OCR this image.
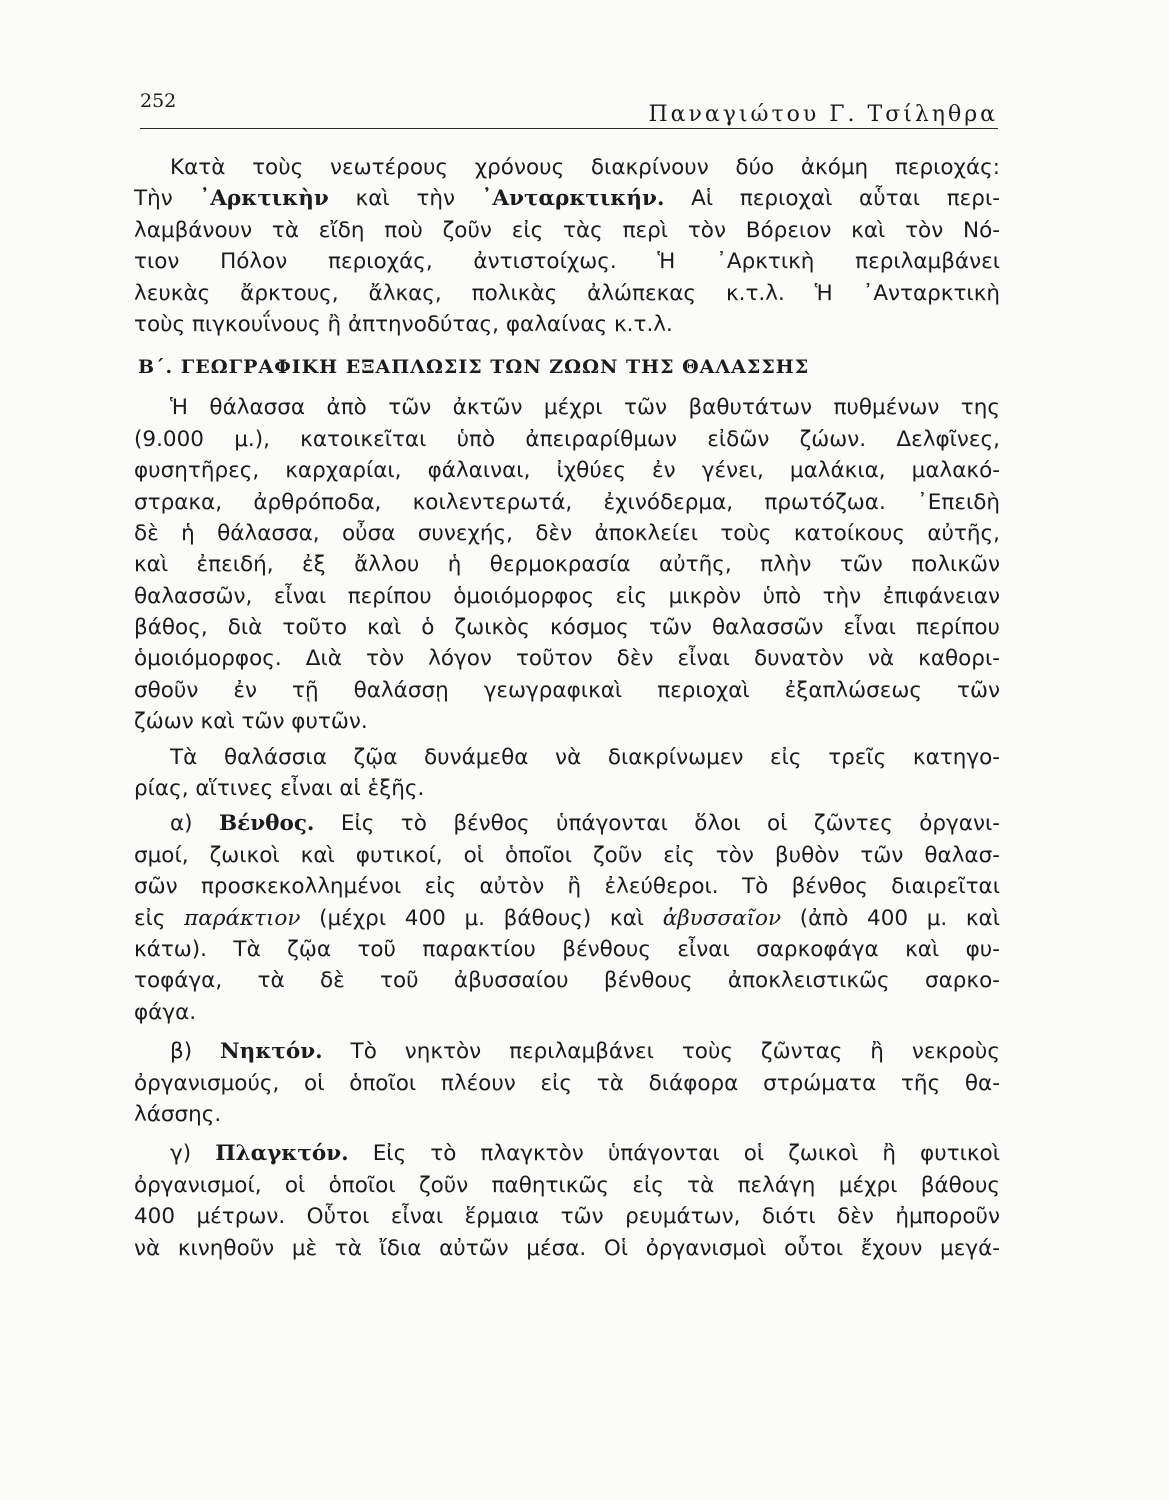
252
Παναγιώτου Γ. Τσίληθρα
Κατὰ τοὺς νεωτέρους χρόνους διακρίνουν δύο ἀκόμη περιοχάς:
Τὴν ᾿Αρκτικὴν καὶ τὴν ᾿Ανταρκτικήν. Αἱ περιοχαὶ αὗται περι-
λαμβάνουν τὰ εἴδη ποὺ ζοῦν εἰς τὰς περὶ τὸν Βόρειον καὶ τὸν Νό-
τιον Πόλον περιοχάς, ἀντιστοίχως. Ἡ ᾿Αρκτικὴ περιλαμβάνει
λευκὰς ἄρκτους, ἄλκας, πολικὰς ἀλώπεκας κ.τ.λ. Ἡ ᾿Ανταρκτικὴ
τοὺς πιγκουΐνους ἢ ἀπτηνοδύτας, φαλαίνας κ.τ.λ.
Β΄. ΓΕΩΓΡΑΦΙΚΗ ΕΞΑΠΛΩΣΙΣ ΤΩΝ ΖΩΩΝ ΤΗΣ ΘΑΛΑΣΣΗΣ
Ἡ θάλασσα ἀπὸ τῶν ἀκτῶν μέχρι τῶν βαθυτάτων πυθμένων της
(9.000 μ.), κατοικεῖται ὑπὸ ἀπειραρίθμων εἰδῶν ζώων. Δελφῖνες,
φυσητῆρες, καρχαρίαι, φάλαιναι, ἰχθύες ἐν γένει, μαλάκια, μαλακό-
στρακα, ἀρθρόποδα, κοιλεντερωτά, ἐχινόδερμα, πρωτόζωα. ᾿Επειδὴ
δὲ ἡ θάλασσα, οὖσα συνεχής, δὲν ἀποκλείει τοὺς κατοίκους αὐτῆς,
καὶ ἐπειδή, ἐξ ἄλλου ἡ θερμοκρασία αὐτῆς, πλὴν τῶν πολικῶν
θαλασσῶν, εἶναι περίπου ὁμοιόμορφος εἰς μικρὸν ὑπὸ τὴν ἐπιφάνειαν
βάθος, διὰ τοῦτο καὶ ὁ ζωικὸς κόσμος τῶν θαλασσῶν εἶναι περίπου
ὁμοιόμορφος. Διὰ τὸν λόγον τοῦτον δὲν εἶναι δυνατὸν νὰ καθορι-
σθοῦν ἐν τῇ θαλάσσῃ γεωγραφικαὶ περιοχαὶ ἐξαπλώσεως τῶν
ζώων καὶ τῶν φυτῶν.
Τὰ θαλάσσια ζῷα δυνάμεθα νὰ διακρίνωμεν εἰς τρεῖς κατηγο-
ρίας, αἵτινες εἶναι αἱ ἑξῆς.
α) Βένθος. Εἰς τὸ βένθος ὑπάγονται ὅλοι οἱ ζῶντες ὀργανι-
σμοί, ζωικοὶ καὶ φυτικοί, οἱ ὁποῖοι ζοῦν εἰς τὸν βυθὸν τῶν θαλασ-
σῶν προσκεκολλημένοι εἰς αὐτὸν ἢ ἐλεύθεροι. Τὸ βένθος διαιρεῖται
εἰς παράκτιον (μέχρι 400 μ. βάθους) καὶ ἀβυσσαῖον (ἀπὸ 400 μ. καὶ
κάτω). Τὰ ζῷα τοῦ παρακτίου βένθους εἶναι σαρκοφάγα καὶ φυ-
τοφάγα, τὰ δὲ τοῦ ἀβυσσαίου βένθους ἀποκλειστικῶς σαρκο-
φάγα.
β) Νηκτόν. Τὸ νηκτὸν περιλαμβάνει τοὺς ζῶντας ἢ νεκροὺς
ὀργανισμούς, οἱ ὁποῖοι πλέουν εἰς τὰ διάφορα στρώματα τῆς θα-
λάσσης.
γ) Πλαγκτόν. Εἰς τὸ πλαγκτὸν ὑπάγονται οἱ ζωικοὶ ἢ φυτικοὶ
ὀργανισμοί, οἱ ὁποῖοι ζοῦν παθητικῶς εἰς τὰ πελάγη μέχρι βάθους
400 μέτρων. Οὗτοι εἶναι ἕρμαια τῶν ρευμάτων, διότι δὲν ἠμποροῦν
νὰ κινηθοῦν μὲ τὰ ἴδια αὐτῶν μέσα. Οἱ ὀργανισμοὶ οὗτοι ἔχουν μεγά-
